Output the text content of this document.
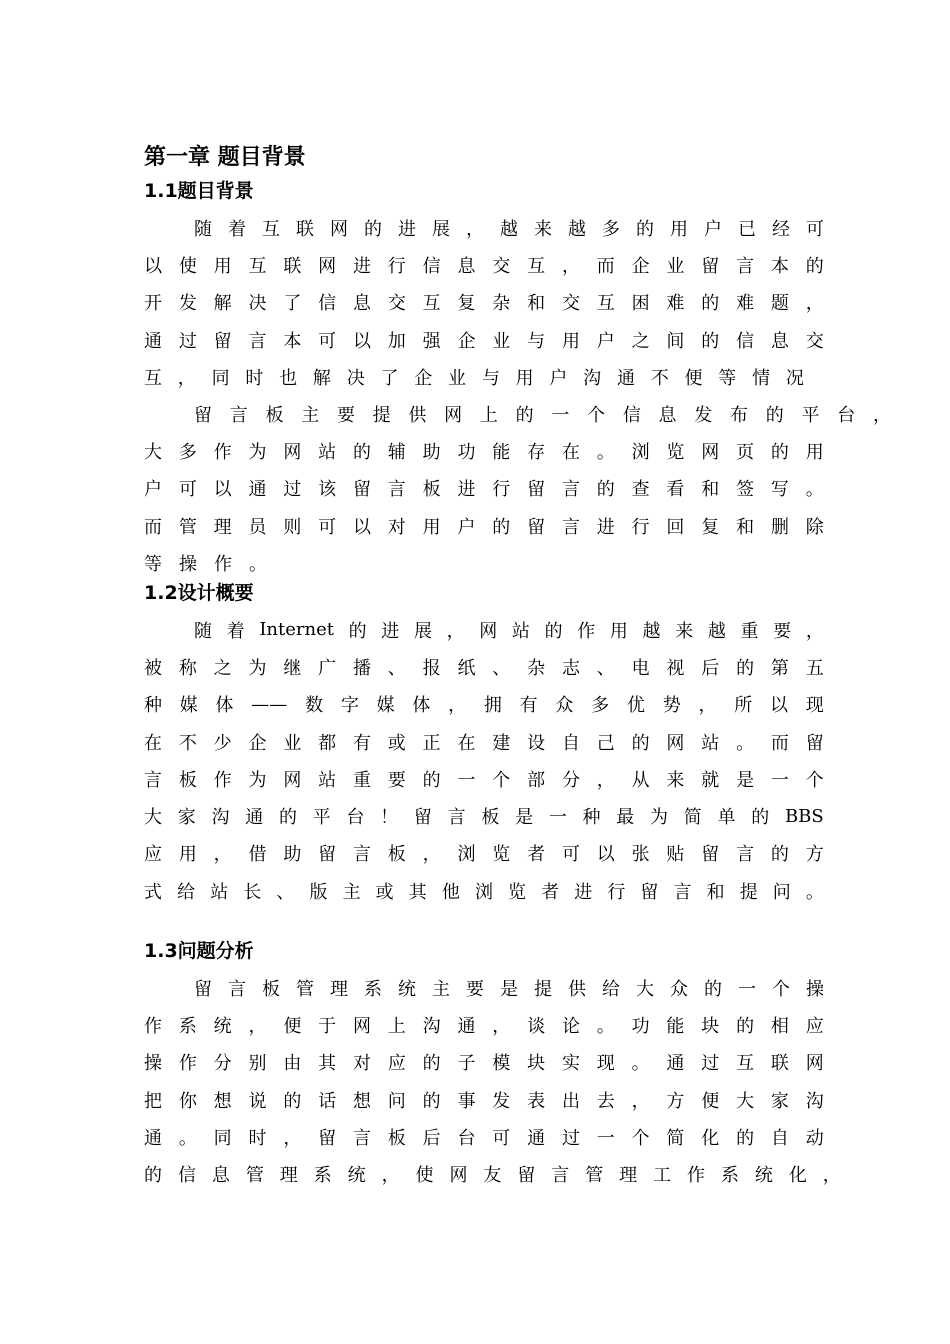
第一章 题目背景
1.1题目背景
随 着 互 联 网 的 进 展 ， 越 来 越 多 的 用 户 已 经 可
以 使 用 互 联 网 进 行 信 息 交 互 ， 而 企 业 留 言 本 的
开 发 解 决 了 信 息 交 互 复 杂 和 交 互 困 难 的 难 题 ，
通 过 留 言 本 可 以 加 强 企 业 与 用 户 之 间 的 信 息 交
互 ， 同 时 也 解 决 了 企 业 与 用 户 沟 通 不 便 等 情 况
留 言 板 主 要 提 供 网 上 的 一 个 信 息 发 布 的 平 台 ，
大 多 作 为 网 站 的 辅 助 功 能 存 在 。 浏 览 网 页 的 用
户 可 以 通 过 该 留 言 板 进 行 留 言 的 查 看 和 签 写 。
而 管 理 员 则 可 以 对 用 户 的 留 言 进 行 回 复 和 删 除
等 操 作 。
1.2设计概要
随 着 Internet 的 进 展 ， 网 站 的 作 用 越 来 越 重 要 ，
被 称 之 为 继 广 播 、 报 纸 、 杂 志 、 电 视 后 的 第 五
种 媒 体 —— 数 字 媒 体 ， 拥 有 众 多 优 势 ， 所 以 现
在 不 少 企 业 都 有 或 正 在 建 设 自 己 的 网 站 。 而 留
言 板 作 为 网 站 重 要 的 一 个 部 分 ， 从 来 就 是 一 个
大 家 沟 通 的 平 台 ！ 留 言 板 是 一 种 最 为 简 单 的 BBS
应 用 ， 借 助 留 言 板 ， 浏 览 者 可 以 张 贴 留 言 的 方
式 给 站 长 、 版 主 或 其 他 浏 览 者 进 行 留 言 和 提 问 。
1.3问题分析
留 言 板 管 理 系 统 主 要 是 提 供 给 大 众 的 一 个 操
作 系 统 ， 便 于 网 上 沟 通 ， 谈 论 。 功 能 块 的 相 应
操 作 分 别 由 其 对 应 的 子 模 块 实 现 。 通 过 互 联 网
把 你 想 说 的 话 想 问 的 事 发 表 出 去 ， 方 便 大 家 沟
通 。 同 时 ， 留 言 板 后 台 可 通 过 一 个 简 化 的 自 动
的 信 息 管 理 系 统 ， 使 网 友 留 言 管 理 工 作 系 统 化 ，
